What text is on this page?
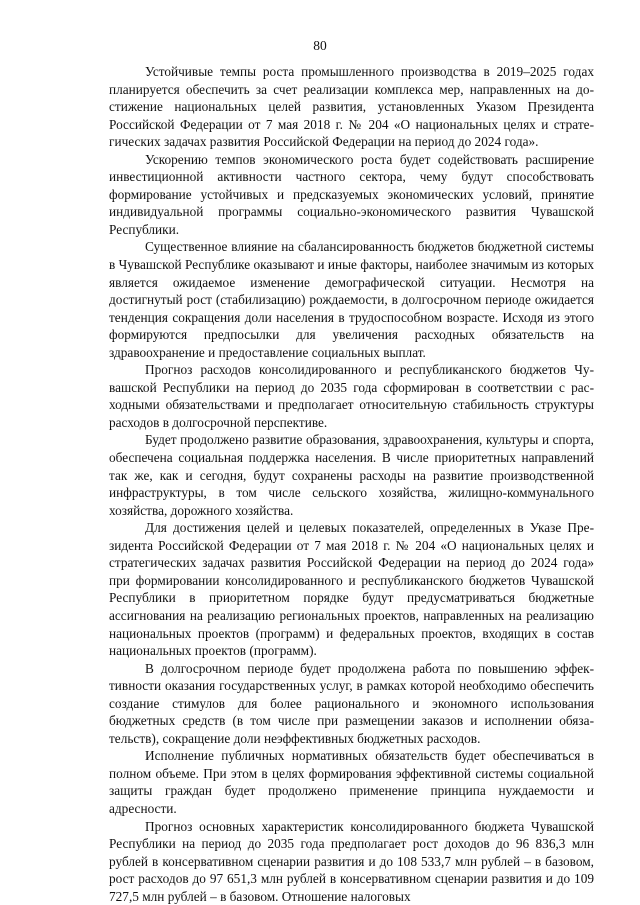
80

Устойчивые темпы роста промышленного производства в 2019–2025 годах планируется обеспечить за счет реализации комплекса мер, направленных на достижение национальных целей развития, установленных Указом Президента Российской Федерации от 7 мая 2018 г. № 204 «О национальных целях и стратегических задачах развития Российской Федерации на период до 2024 года».

Ускорению темпов экономического роста будет содействовать расширение инвестиционной активности частного сектора, чему будут способствовать формирование устойчивых и предсказуемых экономических условий, принятие индивидуальной программы социально-экономического развития Чувашской Республики.

Существенное влияние на сбалансированность бюджетов бюджетной системы в Чувашской Республике оказывают и иные факторы, наиболее значимым из которых является ожидаемое изменение демографической ситуации. Несмотря на достигнутый рост (стабилизацию) рождаемости, в долгосрочном периоде ожидается тенденция сокращения доли населения в трудоспособном возрасте. Исходя из этого формируются предпосылки для увеличения расходных обязательств на здравоохранение и предоставление социальных выплат.

Прогноз расходов консолидированного и республиканского бюджетов Чувашской Республики на период до 2035 года сформирован в соответствии с расходными обязательствами и предполагает относительную стабильность структуры расходов в долгосрочной перспективе.

Будет продолжено развитие образования, здравоохранения, культуры и спорта, обеспечена социальная поддержка населения. В числе приоритетных направлений так же, как и сегодня, будут сохранены расходы на развитие производственной инфраструктуры, в том числе сельского хозяйства, жилищно-коммунального хозяйства, дорожного хозяйства.

Для достижения целей и целевых показателей, определенных в Указе Президента Российской Федерации от 7 мая 2018 г. № 204 «О национальных целях и стратегических задачах развития Российской Федерации на период до 2024 года» при формировании консолидированного и республиканского бюджетов Чувашской Республики в приоритетном порядке будут предусматриваться бюджетные ассигнования на реализацию региональных проектов, направленных на реализацию национальных проектов (программ) и федеральных проектов, входящих в состав национальных проектов (программ).

В долгосрочном периоде будет продолжена работа по повышению эффективности оказания государственных услуг, в рамках которой необходимо обеспечить создание стимулов для более рационального и экономного использования бюджетных средств (в том числе при размещении заказов и исполнении обязательств), сокращение доли неэффективных бюджетных расходов.

Исполнение публичных нормативных обязательств будет обеспечиваться в полном объеме. При этом в целях формирования эффективной системы социальной защиты граждан будет продолжено применение принципа нуждаемости и адресности.

Прогноз основных характеристик консолидированного бюджета Чувашской Республики на период до 2035 года предполагает рост доходов до 96 836,3 млн рублей в консервативном сценарии развития и до 108 533,7 млн рублей – в базовом, рост расходов до 97 651,3 млн рублей в консервативном сценарии развития и до 109 727,5 млн рублей – в базовом. Отношение налоговых
